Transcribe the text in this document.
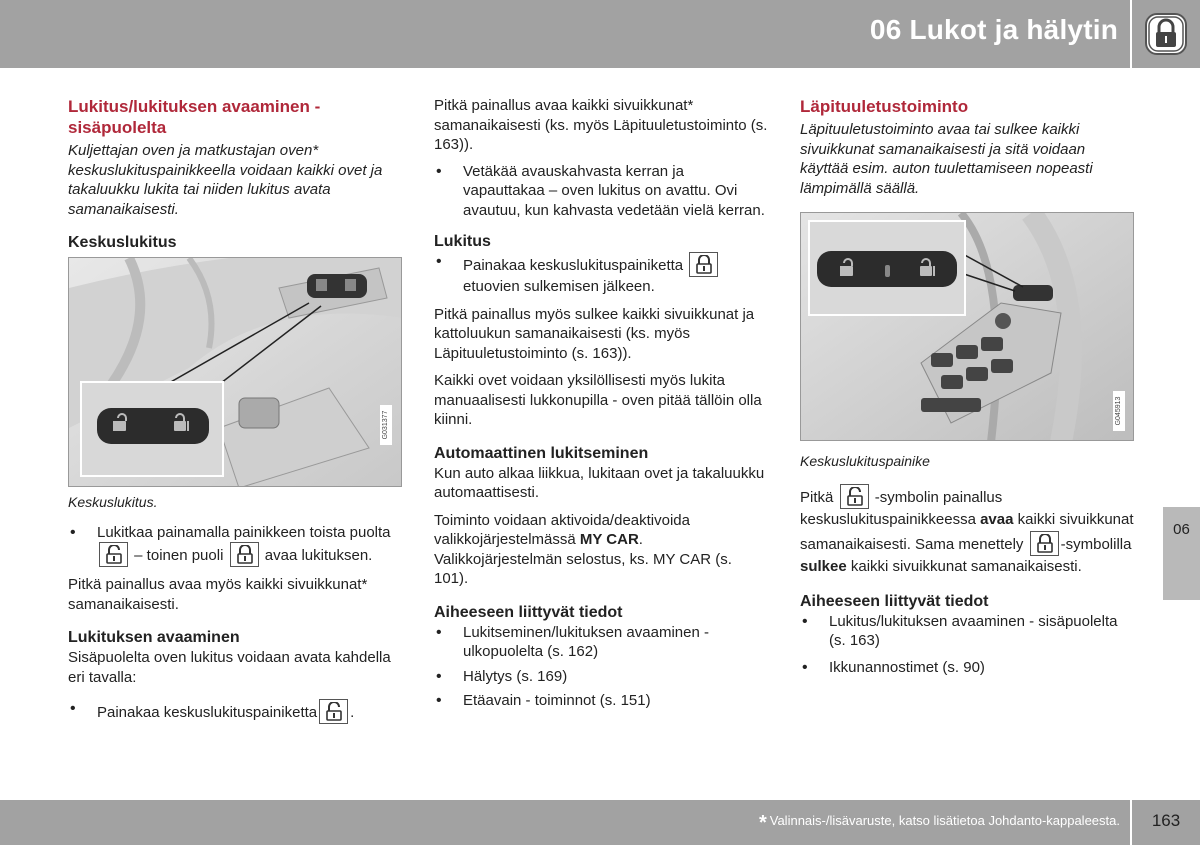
06 Lukot ja hälytin
Lukitus/lukituksen avaaminen - sisäpuolelta
Kuljettajan oven ja matkustajan oven* keskuslukituspainikkeella voidaan kaikki ovet ja takaluukku lukita tai niiden lukitus avata samanaikaisesti.
Keskuslukitus
G031377
Keskuslukitus.
• Lukitkaa painamalla painikkeen toista puolta
– toinen puoli	avaa lukituksen.

Pitkä painallus avaa myös kaikki sivuikkunat* samanaikaisesti.

Lukituksen avaaminen

Sisäpuolelta oven lukitus voidaan avata kahdella eri tavalla:

• Painakaa keskuslukituspainiketta .

Pitkä painallus avaa kaikki sivuikkunat* samanaikaisesti (ks. myös Läpituuletustoiminto (s. 163)).

• Vetäkää avauskahvasta kerran ja vapauttakaa – oven lukitus on avattu. Ovi avautuu, kun kahvasta vedetään vielä kerran.
Lukitus
• Painakaa keskuslukituspainiketta
etuovien sulkemisen jälkeen.

Pitkä painallus myös sulkee kaikki sivuikkunat ja kattoluukun samanaikaisesti (ks. myös Läpituuletustoiminto (s. 163)).

Kaikki ovet voidaan yksilöllisesti myös lukita manuaalisesti lukkonupilla - oven pitää tällöin olla kiinni.

Automaattinen lukitseminen

Kun auto alkaa liikkua, lukitaan ovet ja takaluukku automaattisesti.

Toiminto voidaan aktivoida/deaktivoida valikkojärjestelmässä MY CAR. Valikkojärjestelmän selostus, ks. MY CAR (s. 101).

Aiheeseen liittyvät tiedot
• Lukitseminen/lukituksen avaaminen - ulkopuolelta (s. 162)
• Hälytys (s. 169)
• Etäavain - toiminnot (s. 151)
Läpituuletustoiminto
Läpituuletustoiminto avaa tai sulkee kaikki sivuikkunat samanaikaisesti ja sitä voidaan käyttää esim. auton tuulettamiseen nopeasti lämpimällä säällä.
G045913
Keskuslukituspainike

Pitkä	-symbolin painallus keskuslukituspainikkeessa avaa kaikki sivuikkunat samanaikaisesti. Sama menettely -symbolilla sulkee kaikki sivuikkunat samanaikaisesti.

Aiheeseen liittyvät tiedot
• Lukitus/lukituksen avaaminen - sisäpuolelta (s. 163)
• Ikkunannostimet (s. 90)
06
* Valinnais-/lisävaruste, katso lisätietoa Johdanto-kappaleesta.	163
